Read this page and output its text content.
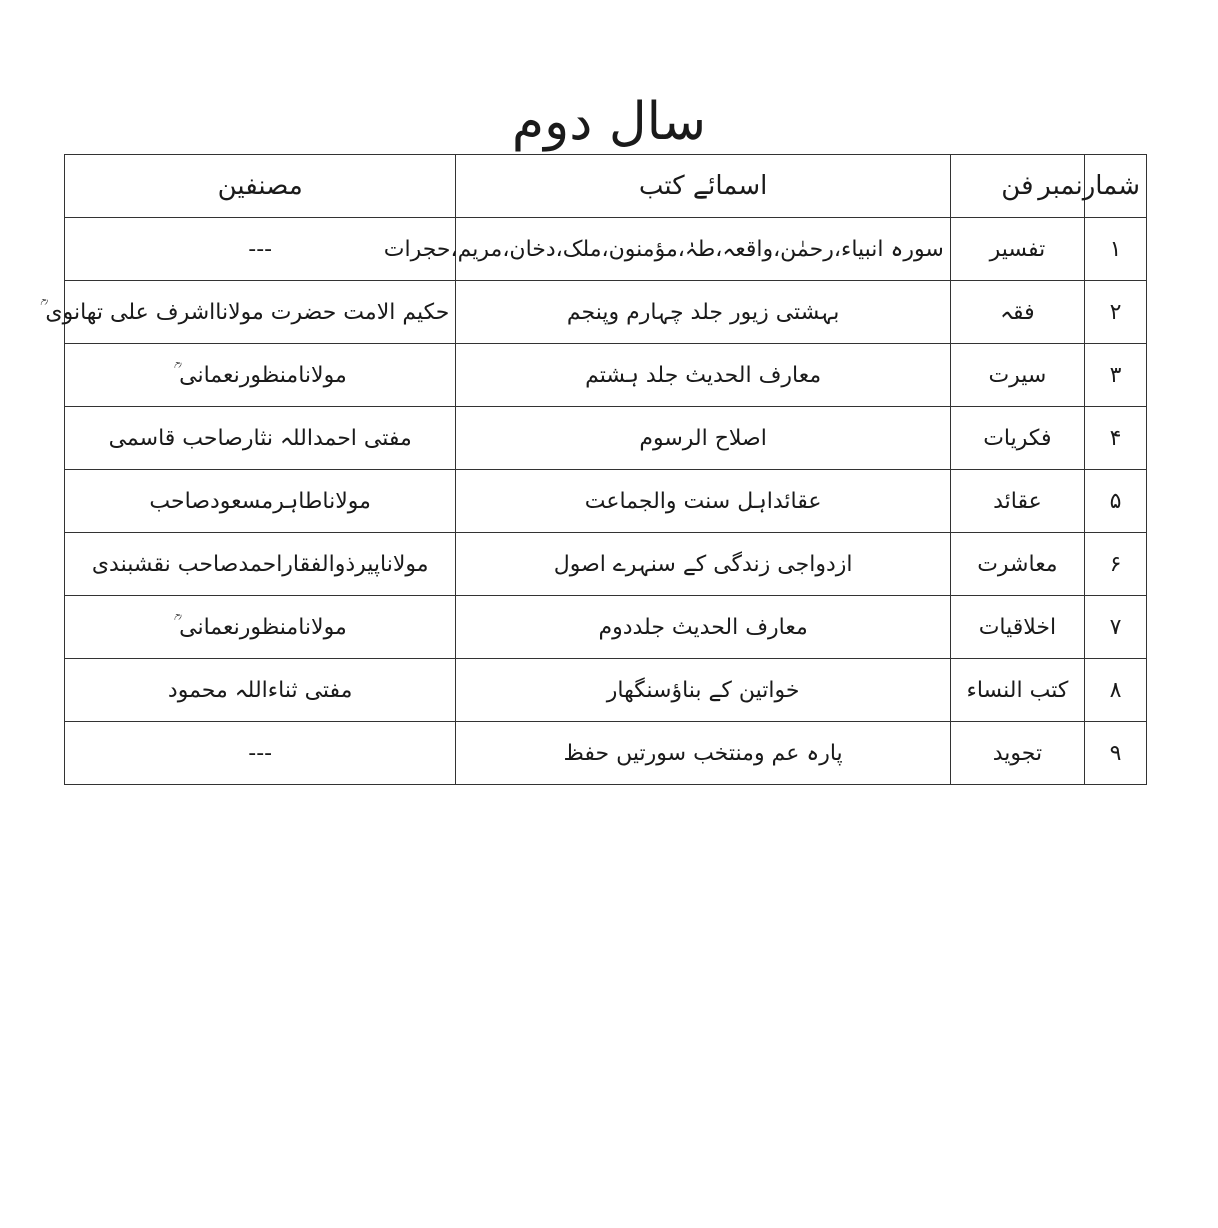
سال دوم
شمارنمبر	فن	اسمائے کتب	مصنفین
۱	تفسیر	سورہ انبیاء،رحمٰن،واقعہ،طہٰ،مؤمنون،ملک،دخان،مریم،حجرات	---
۲	فقہ	بہشتی زیور جلد چہارم وپنجم	حکیم الامت حضرت مولانااشرف علی تھانوی ؒ
۳	سیرت	معارف الحدیث جلد ہشتم	مولانامنظورنعمانی ؒ
۴	فکریات	اصلاح الرسوم	مفتی احمداللہ نثارصاحب قاسمی
۵	عقائد	عقائداہل سنت والجماعت	مولاناطاہرمسعودصاحب
۶	معاشرت	ازدواجی زندگی کے سنہرے اصول	مولاناپیرذوالفقاراحمدصاحب نقشبندی
۷	اخلاقیات	معارف الحدیث جلددوم	مولانامنظورنعمانی ؒ
۸	کتب النساء	خواتین کے بناؤسنگھار	مفتی ثناءاللہ محمود
۹	تجوید	پارہ عم ومنتخب سورتیں حفظ	---
